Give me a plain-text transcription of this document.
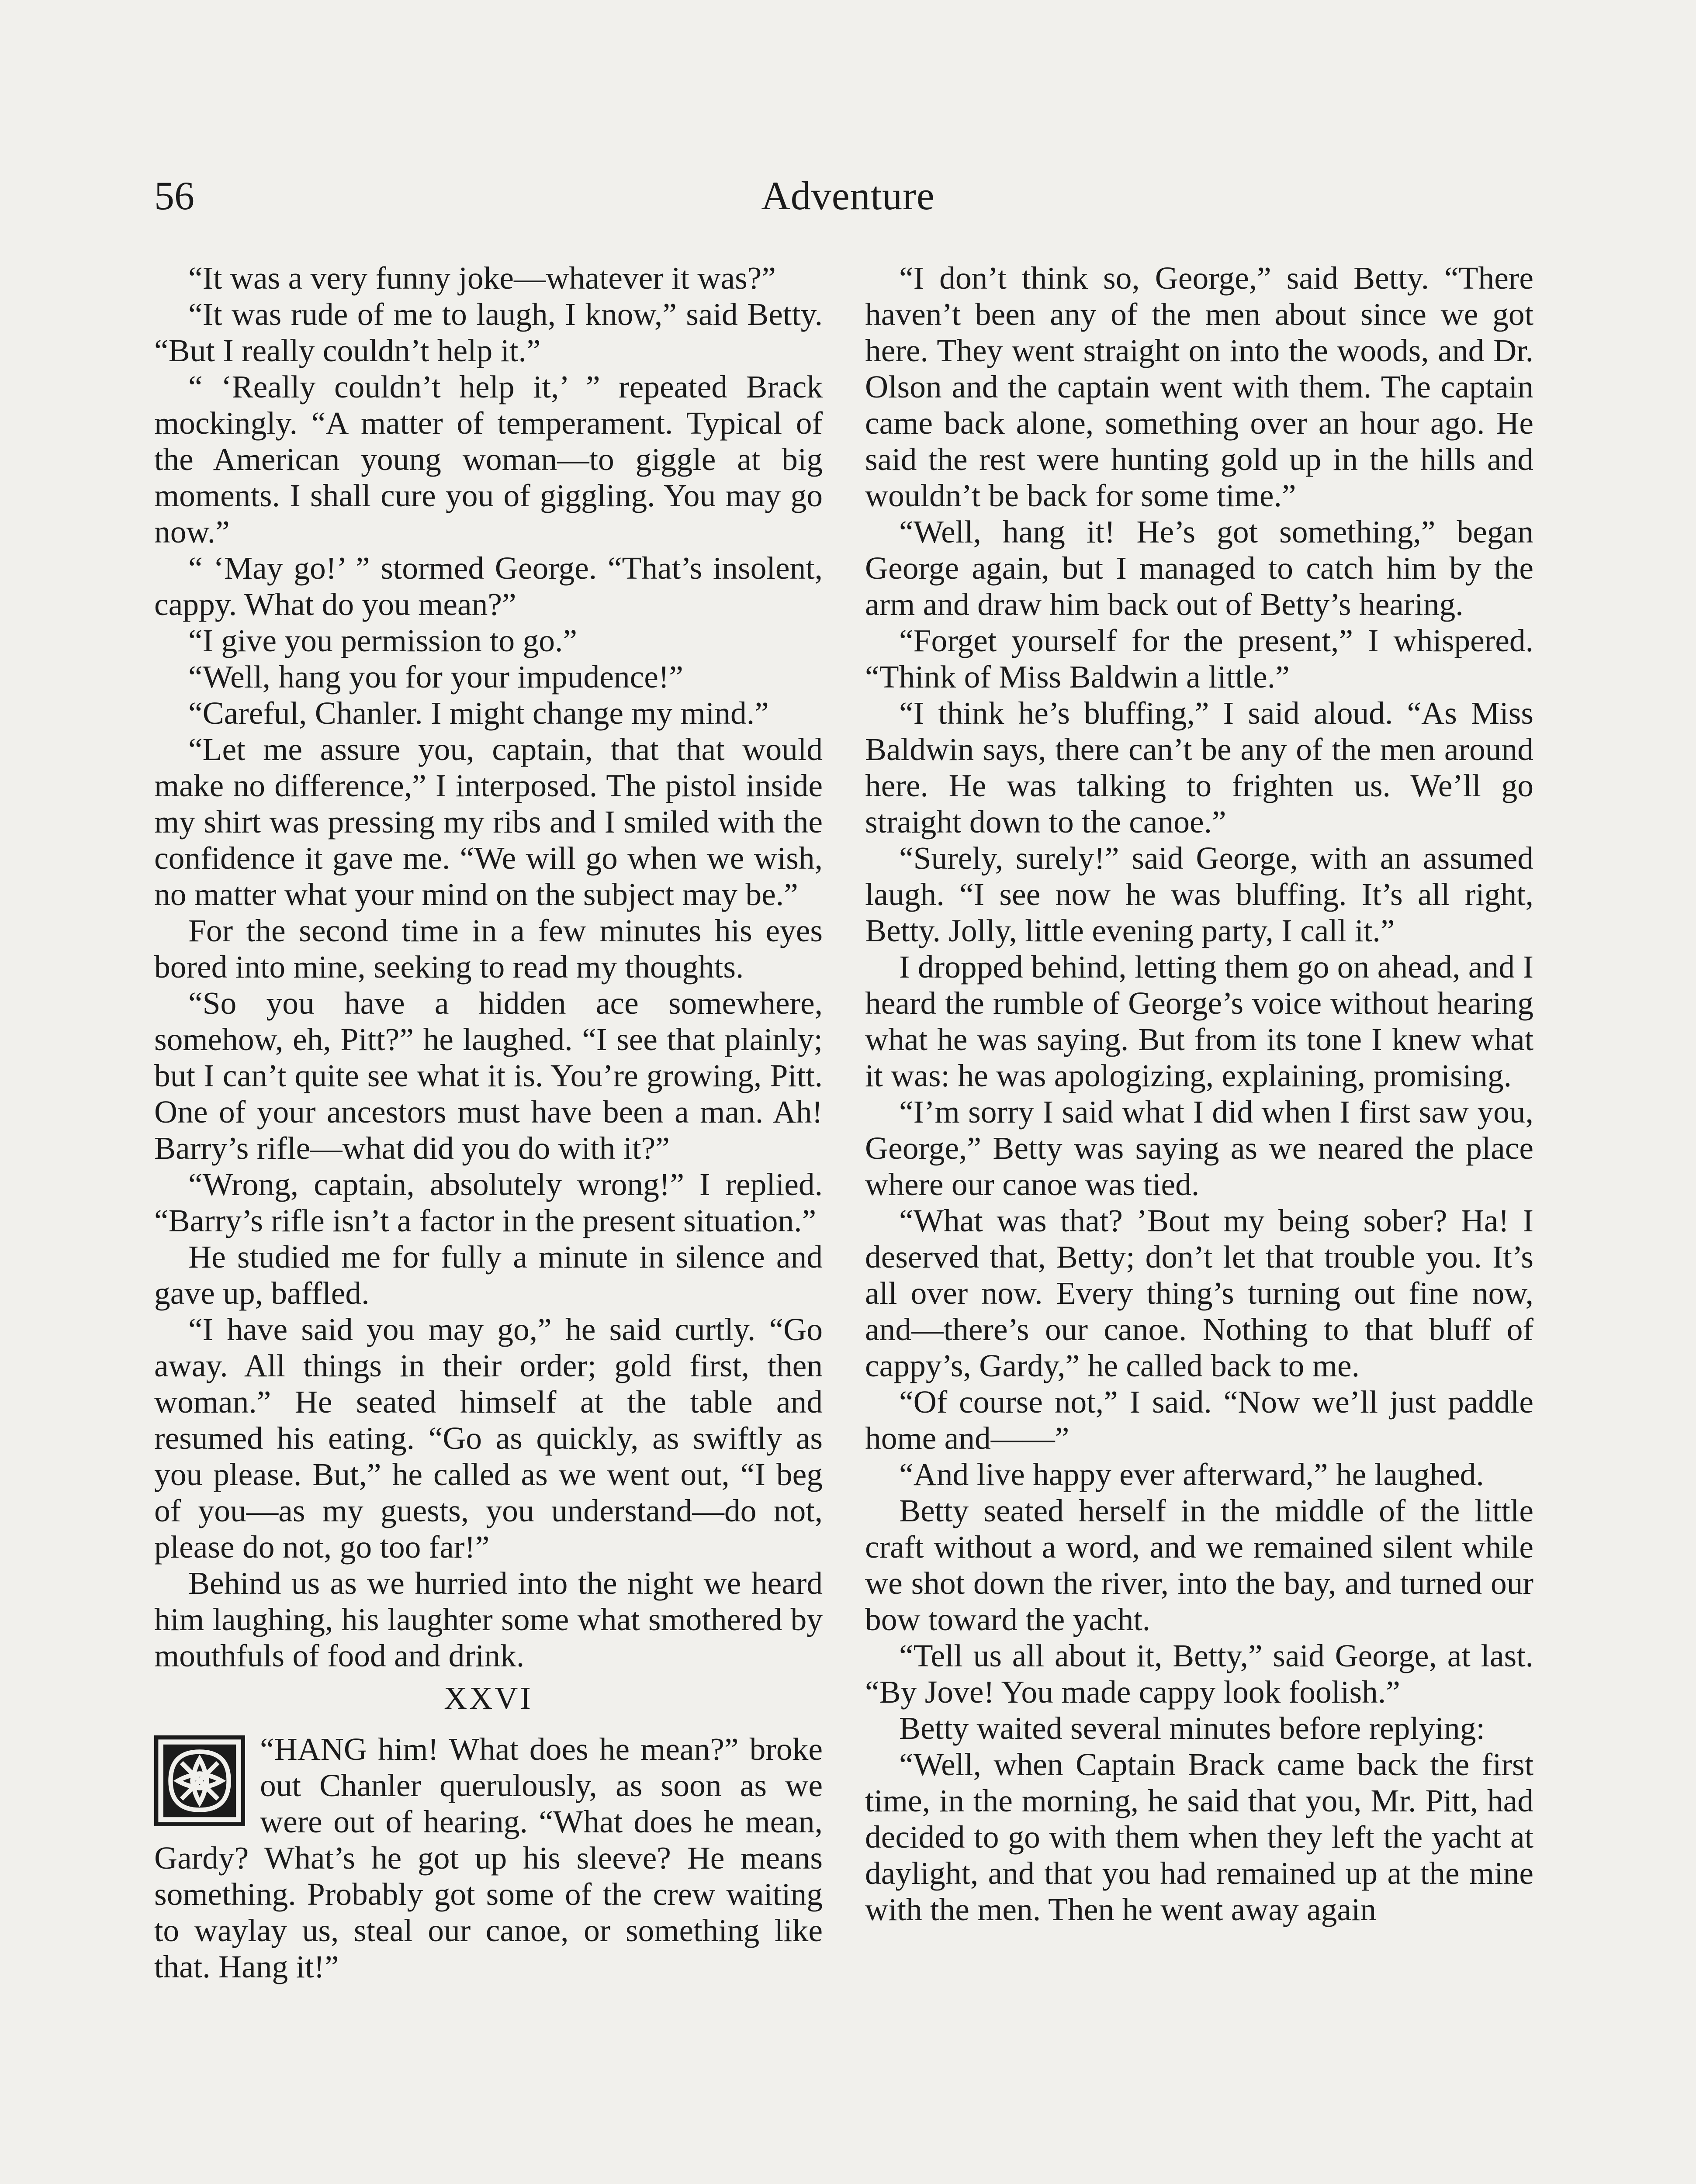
56	Adventure

“It was a very funny joke—whatever it was?”

“It was rude of me to laugh, I know,” said Betty. “But I really couldn’t help it.”

“ ‘Really couldn’t help it,’ ” repeated Brack mockingly. “A matter of temperament. Typical of the American young woman—to giggle at big moments. I shall cure you of giggling. You may go now.”

“ ‘May go!’ ” stormed George. “That’s insolent, cappy. What do you mean?”

“I give you permission to go.”

“Well, hang you for your impudence!”

“Careful, Chanler. I might change my mind.”

“Let me assure you, captain, that that would make no difference,” I interposed. The pistol inside my shirt was pressing my ribs and I smiled with the confidence it gave me. “We will go when we wish, no matter what your mind on the subject may be.”

For the second time in a few minutes his eyes bored into mine, seeking to read my thoughts.

“So you have a hidden ace somewhere, somehow, eh, Pitt?” he laughed. “I see that plainly; but I can’t quite see what it is. You’re growing, Pitt. One of your ancestors must have been a man. Ah! Barry’s rifle—what did you do with it?”

“Wrong, captain, absolutely wrong!” I replied. “Barry’s rifle isn’t a factor in the present situation.”

He studied me for fully a minute in silence and gave up, baffled.

“I have said you may go,” he said curtly. “Go away. All things in their order; gold first, then woman.” He seated himself at the table and resumed his eating. “Go as quickly, as swiftly as you please. But,” he called as we went out, “I beg of you—as my guests, you understand—do not, please do not, go too far!”

Behind us as we hurried into the night we heard him laughing, his laughter some what smothered by mouthfuls of food and drink.

XXVI

“HANG him! What does he mean?” broke out Chanler querulously, as soon as we were out of hearing. “What does he mean, Gardy? What’s he got up his sleeve? He means something. Probably got some of the crew waiting to waylay us, steal our canoe, or something like that. Hang it!”

“I don’t think so, George,” said Betty. “There haven’t been any of the men about since we got here. They went straight on into the woods, and Dr. Olson and the captain went with them. The captain came back alone, something over an hour ago. He said the rest were hunting gold up in the hills and wouldn’t be back for some time.”

“Well, hang it! He’s got something,” began George again, but I managed to catch him by the arm and draw him back out of Betty’s hearing.

“Forget yourself for the present,” I whispered. “Think of Miss Baldwin a little.”

“I think he’s bluffing,” I said aloud. “As Miss Baldwin says, there can’t be any of the men around here. He was talking to frighten us. We’ll go straight down to the canoe.”

“Surely, surely!” said George, with an assumed laugh. “I see now he was bluffing. It’s all right, Betty. Jolly, little evening party, I call it.”

I dropped behind, letting them go on ahead, and I heard the rumble of George’s voice without hearing what he was saying. But from its tone I knew what it was: he was apologizing, explaining, promising.

“I’m sorry I said what I did when I first saw you, George,” Betty was saying as we neared the place where our canoe was tied.

“What was that? ’Bout my being sober? Ha! I deserved that, Betty; don’t let that trouble you. It’s all over now. Every thing’s turning out fine now, and—there’s our canoe. Nothing to that bluff of cappy’s, Gardy,” he called back to me.

“Of course not,” I said. “Now we’ll just paddle home and——”

“And live happy ever afterward,” he laughed.

Betty seated herself in the middle of the little craft without a word, and we remained silent while we shot down the river, into the bay, and turned our bow toward the yacht.

“Tell us all about it, Betty,” said George, at last. “By Jove! You made cappy look foolish.”

Betty waited several minutes before replying:

“Well, when Captain Brack came back the first time, in the morning, he said that you, Mr. Pitt, had decided to go with them when they left the yacht at daylight, and that you had remained up at the mine with the men. Then he went away again
